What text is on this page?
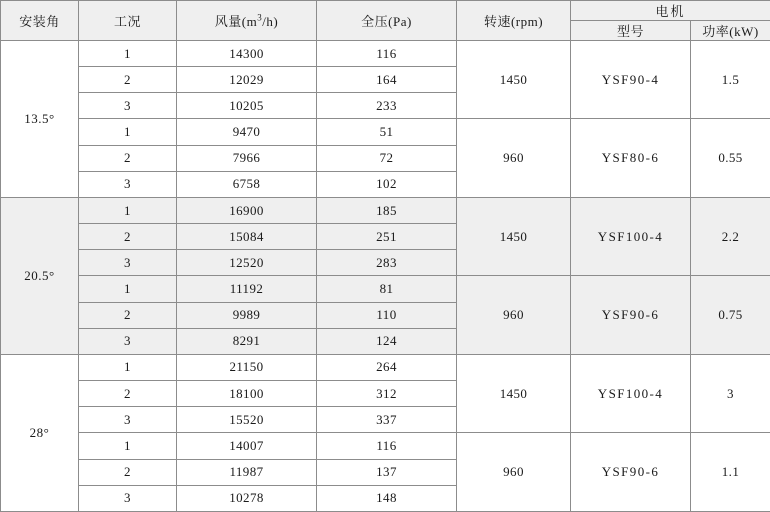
安装角	工况	风量$(m^3/h)$	全压(Pa)	转速(rpm)	电机	
					型号	功率(kW)
13.5°	1	14300	116	1450	YSF90-4	1.5
	2	12029	164			
	3	10205	233			
	1	9470	51	960	YSF80-6	0.55
	2	7966	72			
	3	6758	102			
20.5°	1	16900	185	1450	YSF100-4	2.2
	2	15084	251			
	3	12520	283			
	1	11192	81	960	YSF90-6	0.75
	2	9989	110			
	3	8291	124			
28°	1	21150	264	1450	YSF100-4	3
	2	18100	312			
	3	15520	337			
	1	14007	116	960	YSF90-6	1.1
	2	11987	137			
	3	10278	148			
